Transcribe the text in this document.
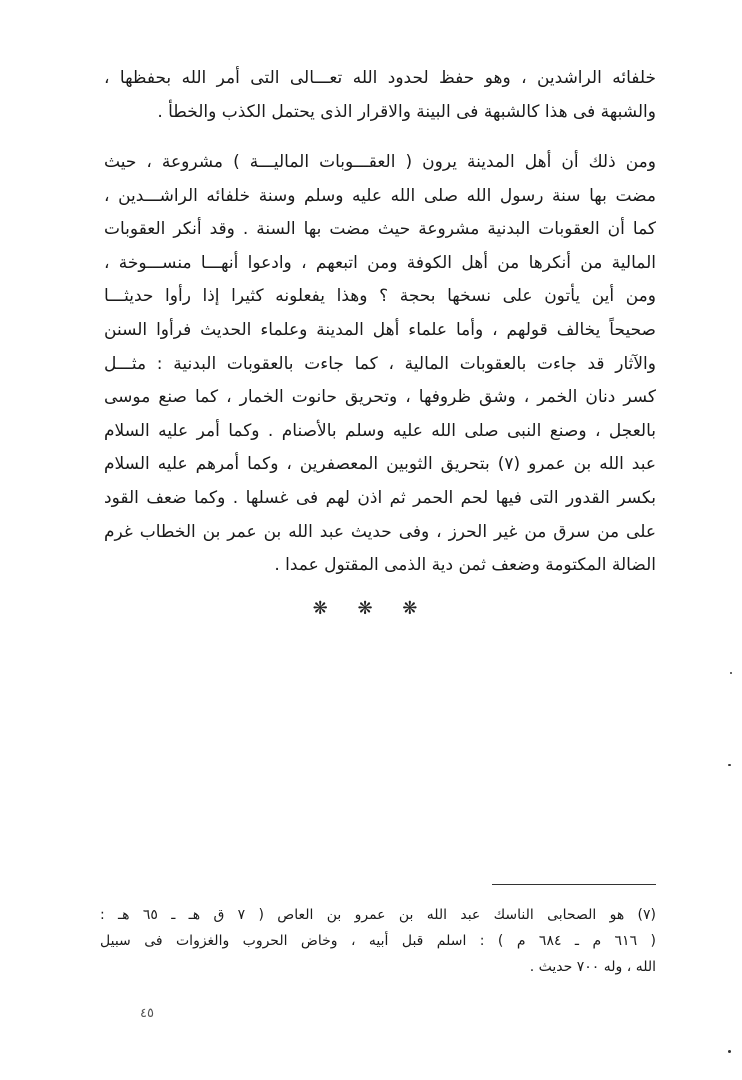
خلفائه الراشدين ، وهو حفظ لحدود الله تعـــالى التى أمر الله بحفظها ،
والشبهة فى هذا كالشبهة فى البينة والاقرار الذى يحتمل الكذب والخطأ .
ومن ذلك أن أهل المدينة يرون ( العقـــوبات الماليـــة ) مشروعة ، حيث
مضت بها سنة رسول الله صلى الله عليه وسلم وسنة خلفائه الراشـــدين ،
كما أن العقوبات البدنية مشروعة حيث مضت بها السنة . وقد أنكر العقوبات
المالية من أنكرها من أهل الكوفة ومن اتبعهم ، وادعوا أنهـــا منســـوخة ،
ومن أين يأتون على نسخها بحجة ؟ وهذا يفعلونه كثيرا إذا رأوا حديثـــا
صحيحاً يخالف قولهم ، وأما علماء أهل المدينة وعلماء الحديث فرأوا السنن
والآثار قد جاءت بالعقوبات المالية ، كما جاءت بالعقوبات البدنية : مثـــل
كسر دنان الخمر ، وشق ظروفها ، وتحريق حانوت الخمار ، كما صنع موسى
بالعجل ، وصنع النبى صلى الله عليه وسلم بالأصنام . وكما أمر عليه السلام
عبد الله بن عمرو (٧) بتحريق الثوبين المعصفرين ، وكما أمرهم عليه السلام
بكسر القدور التى فيها لحم الحمر ثم اذن لهم فى غسلها . وكما ضعف القود
على من سرق من غير الحرز ، وفى حديث عبد الله بن عمر بن الخطاب غرم
الضالة المكتومة وضعف ثمن دية الذمى المقتول عمدا .
❋ ❋ ❋
(٧) هو الصحابى الناسك عبد الله بن عمرو بن العاص ( ٧ ق هـ ـ ٦٥ هـ :
( ٦١٦ م ـ ٦٨٤ م ) : اسلم قبل أبيه ، وخاض الحروب والغزوات فى سبيل
الله ، وله ٧٠٠ حديث .
٤٥
